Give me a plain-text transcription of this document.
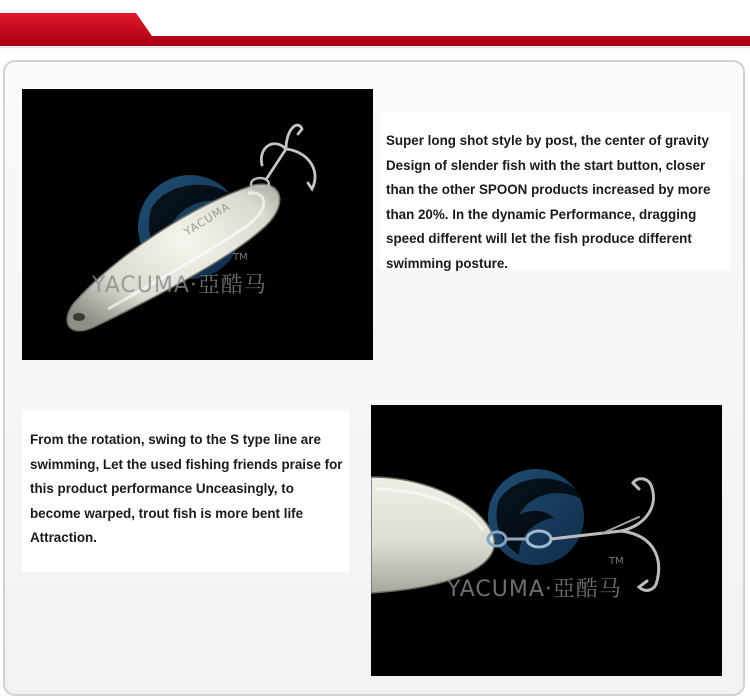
YACUMA
YACUMA·亞酷马
TM

Super long shot style by post, the center of gravity
Design of slender fish with the start button, closer
than the other SPOON products increased by more
than 20%. In the dynamic Performance, dragging
speed different will let the fish produce different
swimming posture.

From the rotation, swing to the S type line are
swimming, Let the used fishing friends praise for
this product performance Unceasingly, to
become warped, trout fish is more bent life
Attraction.

YACUMA·亞酷马
TM
